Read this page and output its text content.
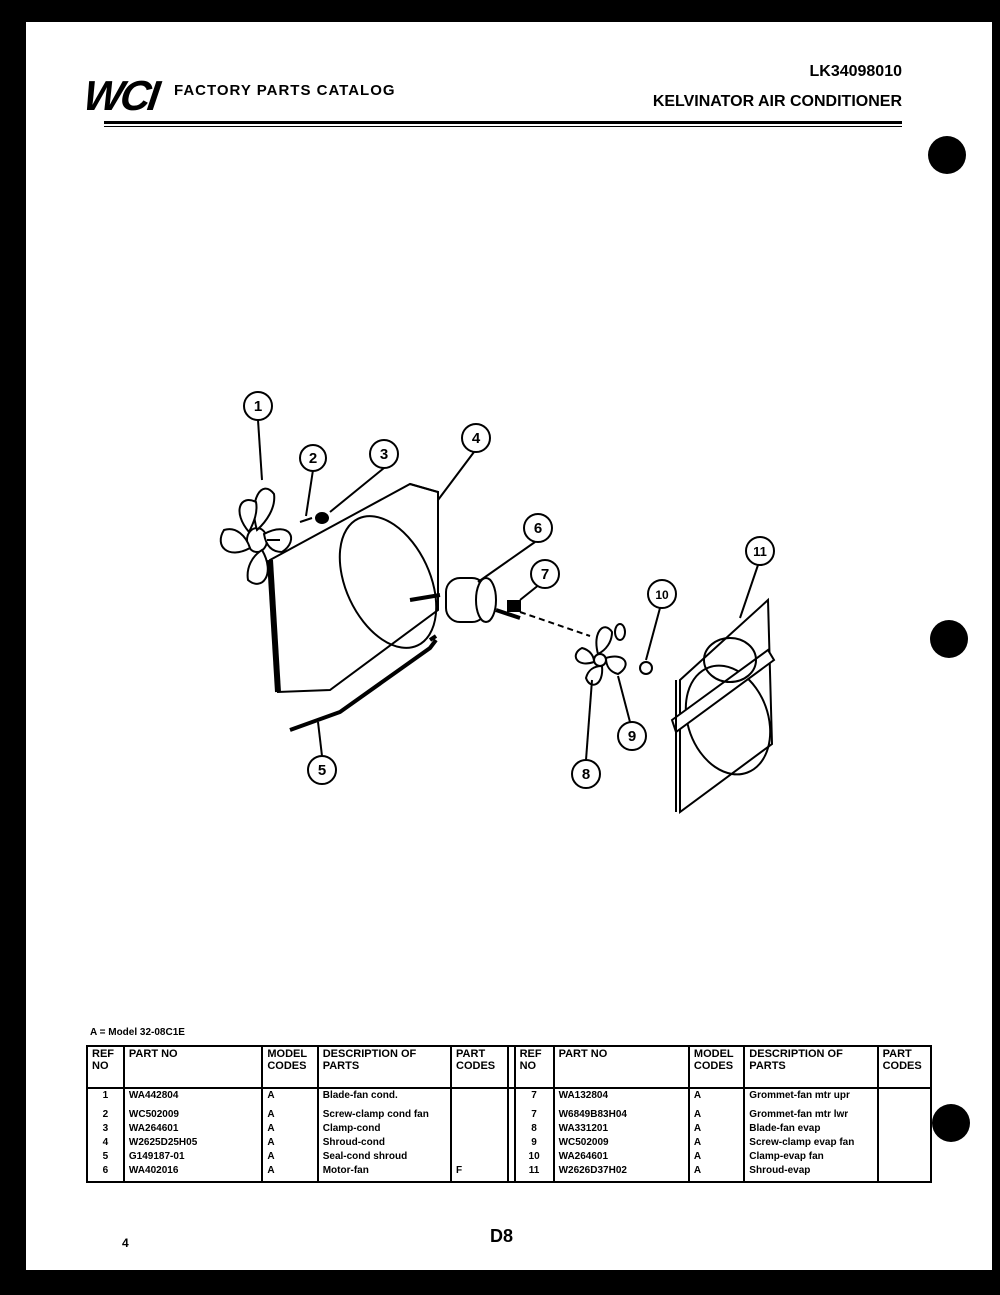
WCI FACTORY PARTS CATALOG
LK34098010
KELVINATOR AIR CONDITIONER
1
2	3
4
5
6
7
8
9
10
11
A = Model 32-08C1E
REF NO	PART NO	MODEL CODES	DESCRIPTION OF PARTS	PART CODES		REF NO	PART NO	MODEL CODES	DESCRIPTION OF PARTS	PART CODES
1	WA442804	A	Blade-fan cond.			7	WA132804	A	Grommet-fan mtr upr	
2	WC502009	A	Screw-clamp cond fan			7	W6849B83H04	A	Grommet-fan mtr lwr	
3	WA264601	A	Clamp-cond			8	WA331201	A	Blade-fan evap	
4	W2625D25H05	A	Shroud-cond			9	WC502009	A	Screw-clamp evap fan	
5	G149187-01	A	Seal-cond shroud			10	WA264601	A	Clamp-evap fan	
6	WA402016	A	Motor-fan	F		11	W2626D37H02	A	Shroud-evap	
4	D8
